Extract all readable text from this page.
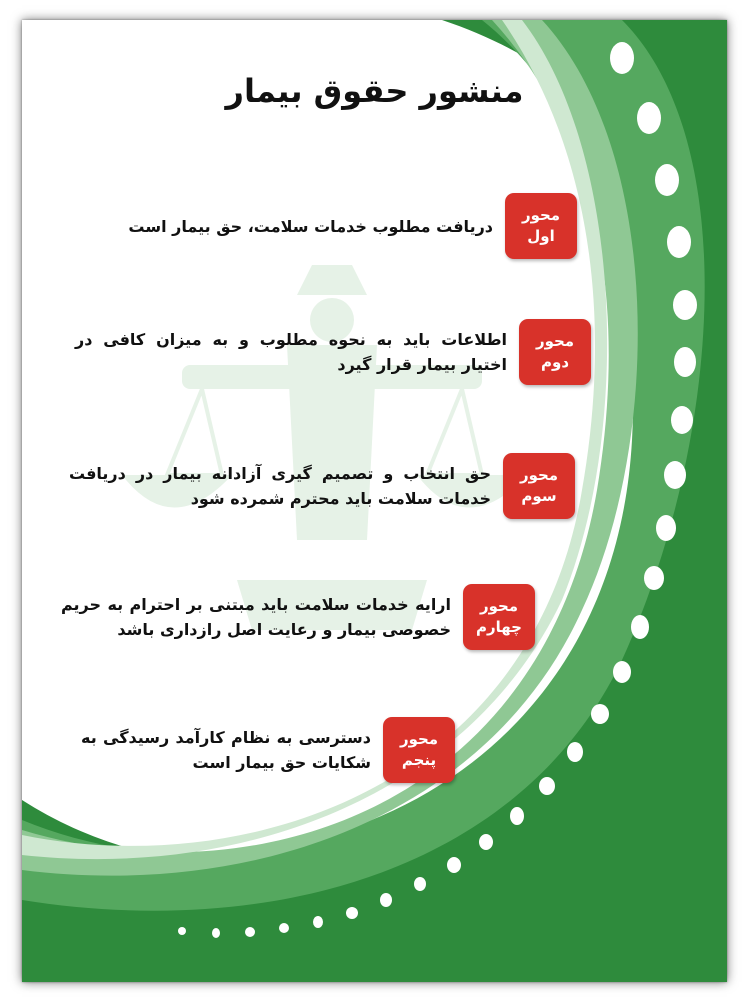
منشور حقوق بیمار
محور
اول
دریافت مطلوب خدمات سلامت، حق بیمار است
محور
دوم
اطلاعات باید به نحوه مطلوب و به میزان کافی در اختیار بیمار قرار گیرد
محور
سوم
حق انتخاب و تصمیم گیری آزادانه بیمار در دریافت خدمات سلامت باید محترم شمرده شود
محور
چهارم
ارایه خدمات سلامت باید مبتنی بر احترام به حریم خصوصی بیمار و رعایت اصل رازداری باشد
محور
پنجم
دسترسی به نظام کارآمد رسیدگی به شکایات حق بیمار است
